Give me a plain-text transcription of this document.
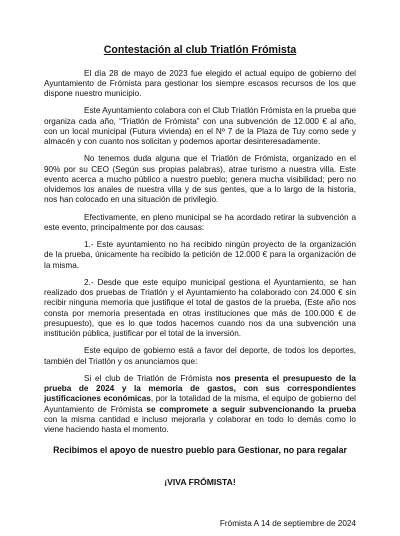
Contestación al club Triatlón Frómista

El día 28 de mayo de 2023 fue elegido el actual equipo de gobierno del Ayuntamiento de Frómista para gestionar los siempre escasos recursos de los que dispone nuestro municipio.

Este Ayuntamiento colabora con el Club Triatlón Frómista en la prueba que organiza cada año, “Triatlón de Frómista” con una subvención de 12.000 € al año, con un local municipal (Futura vivienda) en el Nº 7 de la Plaza de Tuy como sede y almacén y con cuanto nos solicitan y podemos aportar desinteresadamente.

No tenemos duda alguna que el Triatlón de Frómista, organizado en el 90% por su CEO (Según sus propias palabras), atrae turismo a nuestra villa. Este evento acerca a mucho público a nuestro pueblo; genera mucha visibilidad; pero no olvidemos los anales de nuestra villa y de sus gentes, que a lo largo de la historia, nos han colocado en una situación de privilegio.

Efectivamente, en pleno municipal se ha acordado retirar la subvención a este evento, principalmente por dos causas:

1.- Este ayuntamiento no ha recibido ningún proyecto de la organización de la prueba, únicamente ha recibido la petición de 12.000 € para la organización de la misma.

2.- Desde que este equipo municipal gestiona el Ayuntamiento, se han realizado dos pruebas de Triatlón y el Ayuntamiento ha colaborado con 24.000 € sin recibir ninguna memoria que justifique el total de gastos de la prueba, (Este año nos consta por memoria presentada en otras instituciones que más de 100.000 € de presupuesto), que es lo que todos hacemos cuando nos da una subvención una institución pública, justificar por el total de la inversión.

Este equipo de gobierno está a favor del deporte, de todos los deportes, también del Triatlón y os anunciamos que:

Si el club de Triatlón de Frómista nos presenta el presupuesto de la prueba de 2024 y la memoria de gastos, con sus correspondientes justificaciones económicas, por la totalidad de la misma, el equipo de gobierno del Ayuntamiento de Frómista se compromete a seguir subvencionando la prueba con la misma cantidad e incluso mejorarla y colaborar en todo lo demás como lo viene haciendo hasta el momento.

Recibimos el apoyo de nuestro pueblo para Gestionar, no para regalar
¡VIVA FRÓMISTA!
Frómista A 14 de septiembre de 2024
